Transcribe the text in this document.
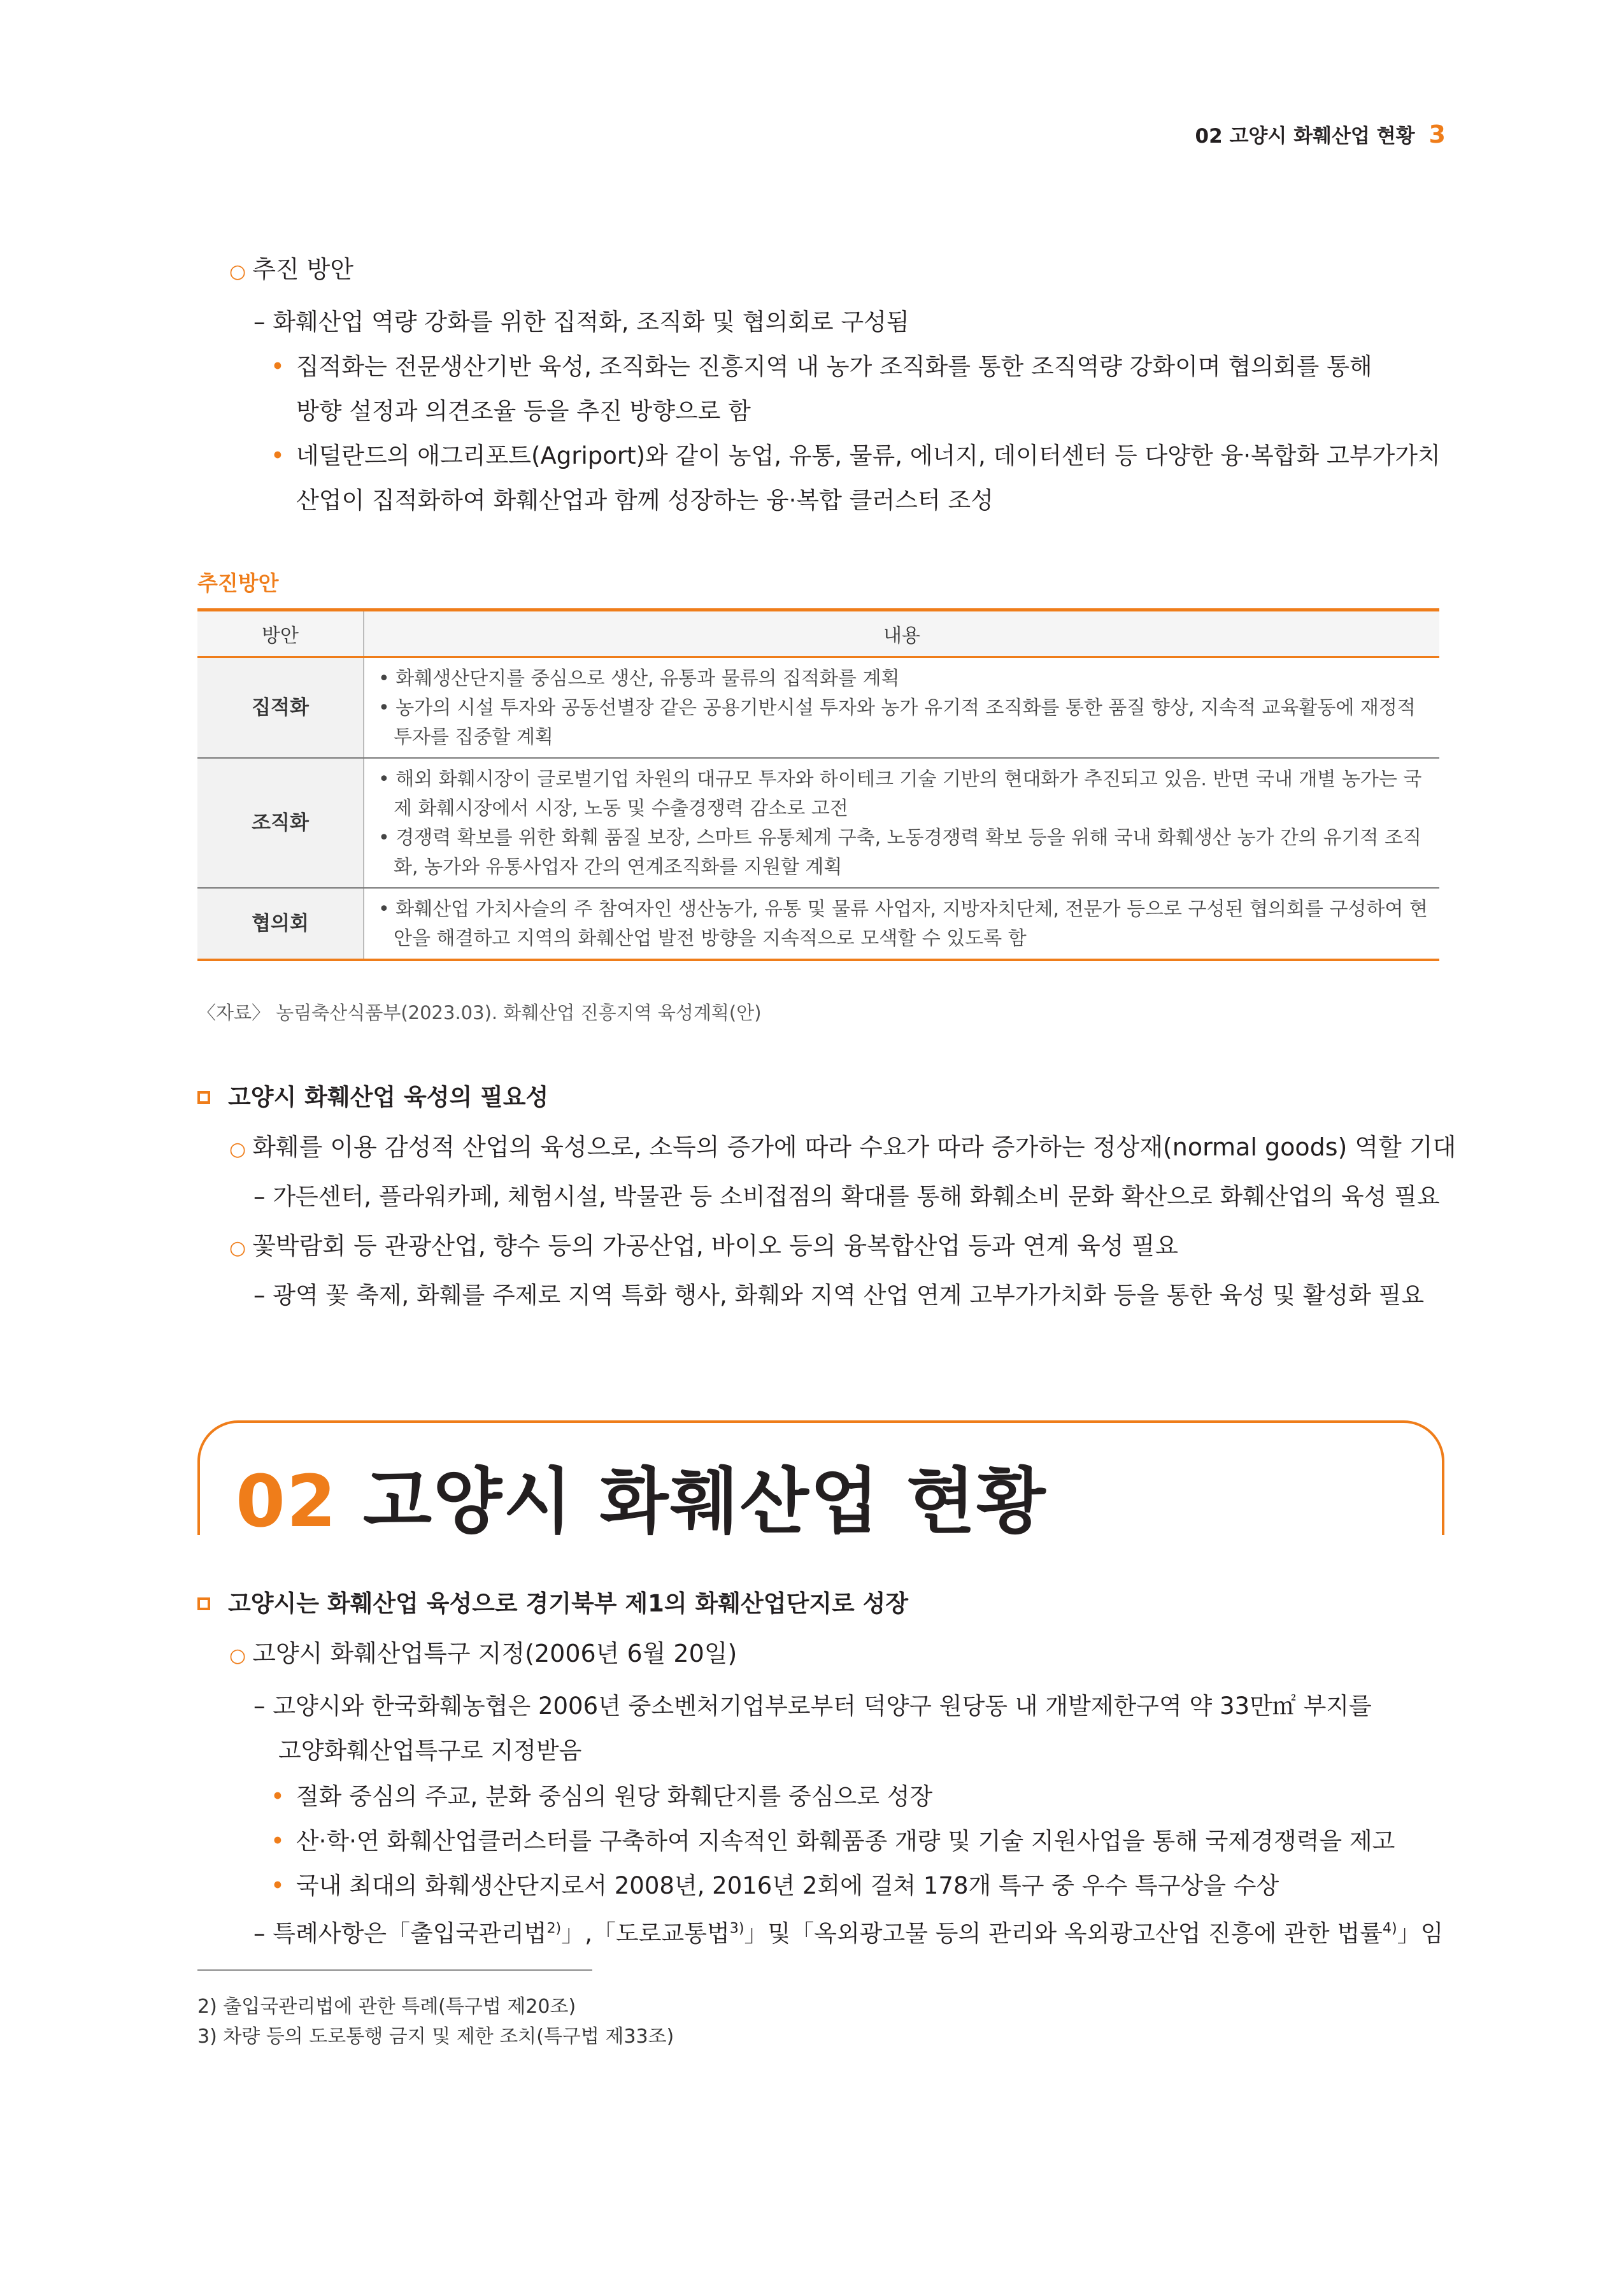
02 고양시 화훼산업 현황 3
○ 추진 방안
– 화훼산업 역량 강화를 위한 집적화, 조직화 및 협의회로 구성됨
• 집적화는 전문생산기반 육성, 조직화는 진흥지역 내 농가 조직화를 통한 조직역량 강화이며 협의회를 통해
방향 설정과 의견조율 등을 추진 방향으로 함
• 네덜란드의 애그리포트(Agriport)와 같이 농업, 유통, 물류, 에너지, 데이터센터 등 다양한 융·복합화 고부가가치
산업이 집적화하여 화훼산업과 함께 성장하는 융·복합 클러스터 조성
추진방안
방안	내용
집적화	• 화훼생산단지를 중심으로 생산, 유통과 물류의 집적화를 계획
• 농가의 시설 투자와 공동선별장 같은 공용기반시설 투자와 농가 유기적 조직화를 통한 품질 향상, 지속적 교육활동에 재정적 투자를 집중할 계획

조직화	• 해외 화훼시장이 글로벌기업 차원의 대규모 투자와 하이테크 기술 기반의 현대화가 추진되고 있음. 반면 국내 개별 농가는 국제 화훼시장에서 시장, 노동 및 수출경쟁력 감소로 고전
• 경쟁력 확보를 위한 화훼 품질 보장, 스마트 유통체계 구축, 노동경쟁력 확보 등을 위해 국내 화훼생산 농가 간의 유기적 조직화, 농가와 유통사업자 간의 연계조직화를 지원할 계획

협의회	• 화훼산업 가치사슬의 주 참여자인 생산농가, 유통 및 물류 사업자, 지방자치단체, 전문가 등으로 구성된 협의회를 구성하여 현안을 해결하고 지역의 화훼산업 발전 방향을 지속적으로 모색할 수 있도록 함
〈자료〉 농림축산식품부(2023.03). 화훼산업 진흥지역 육성계획(안)
고양시 화훼산업 육성의 필요성
○ 화훼를 이용 감성적 산업의 육성으로, 소득의 증가에 따라 수요가 따라 증가하는 정상재(normal goods) 역할 기대
– 가든센터, 플라워카페, 체험시설, 박물관 등 소비접점의 확대를 통해 화훼소비 문화 확산으로 화훼산업의 육성 필요
○ 꽃박람회 등 관광산업, 향수 등의 가공산업, 바이오 등의 융복합산업 등과 연계 육성 필요
– 광역 꽃 축제, 화훼를 주제로 지역 특화 행사, 화훼와 지역 산업 연계 고부가가치화 등을 통한 육성 및 활성화 필요
02 고양시 화훼산업 현황
고양시는 화훼산업 육성으로 경기북부 제1의 화훼산업단지로 성장
○ 고양시 화훼산업특구 지정(2006년 6월 20일)
– 고양시와 한국화훼농협은 2006년 중소벤처기업부로부터 덕양구 원당동 내 개발제한구역 약 33만㎡ 부지를
고양화훼산업특구로 지정받음
• 절화 중심의 주교, 분화 중심의 원당 화훼단지를 중심으로 성장
• 산·학·연 화훼산업클러스터를 구축하여 지속적인 화훼품종 개량 및 기술 지원사업을 통해 국제경쟁력을 제고
• 국내 최대의 화훼생산단지로서 2008년, 2016년 2회에 걸쳐 178개 특구 중 우수 특구상을 수상
– 특례사항은「출입국관리법$^{2)}$」,「도로교통법$^{3)}$」및「옥외광고물 등의 관리와 옥외광고산업 진흥에 관한 법률$^{4)}$」임
2) 출입국관리법에 관한 특례(특구법 제20조)
3) 차량 등의 도로통행 금지 및 제한 조치(특구법 제33조)
